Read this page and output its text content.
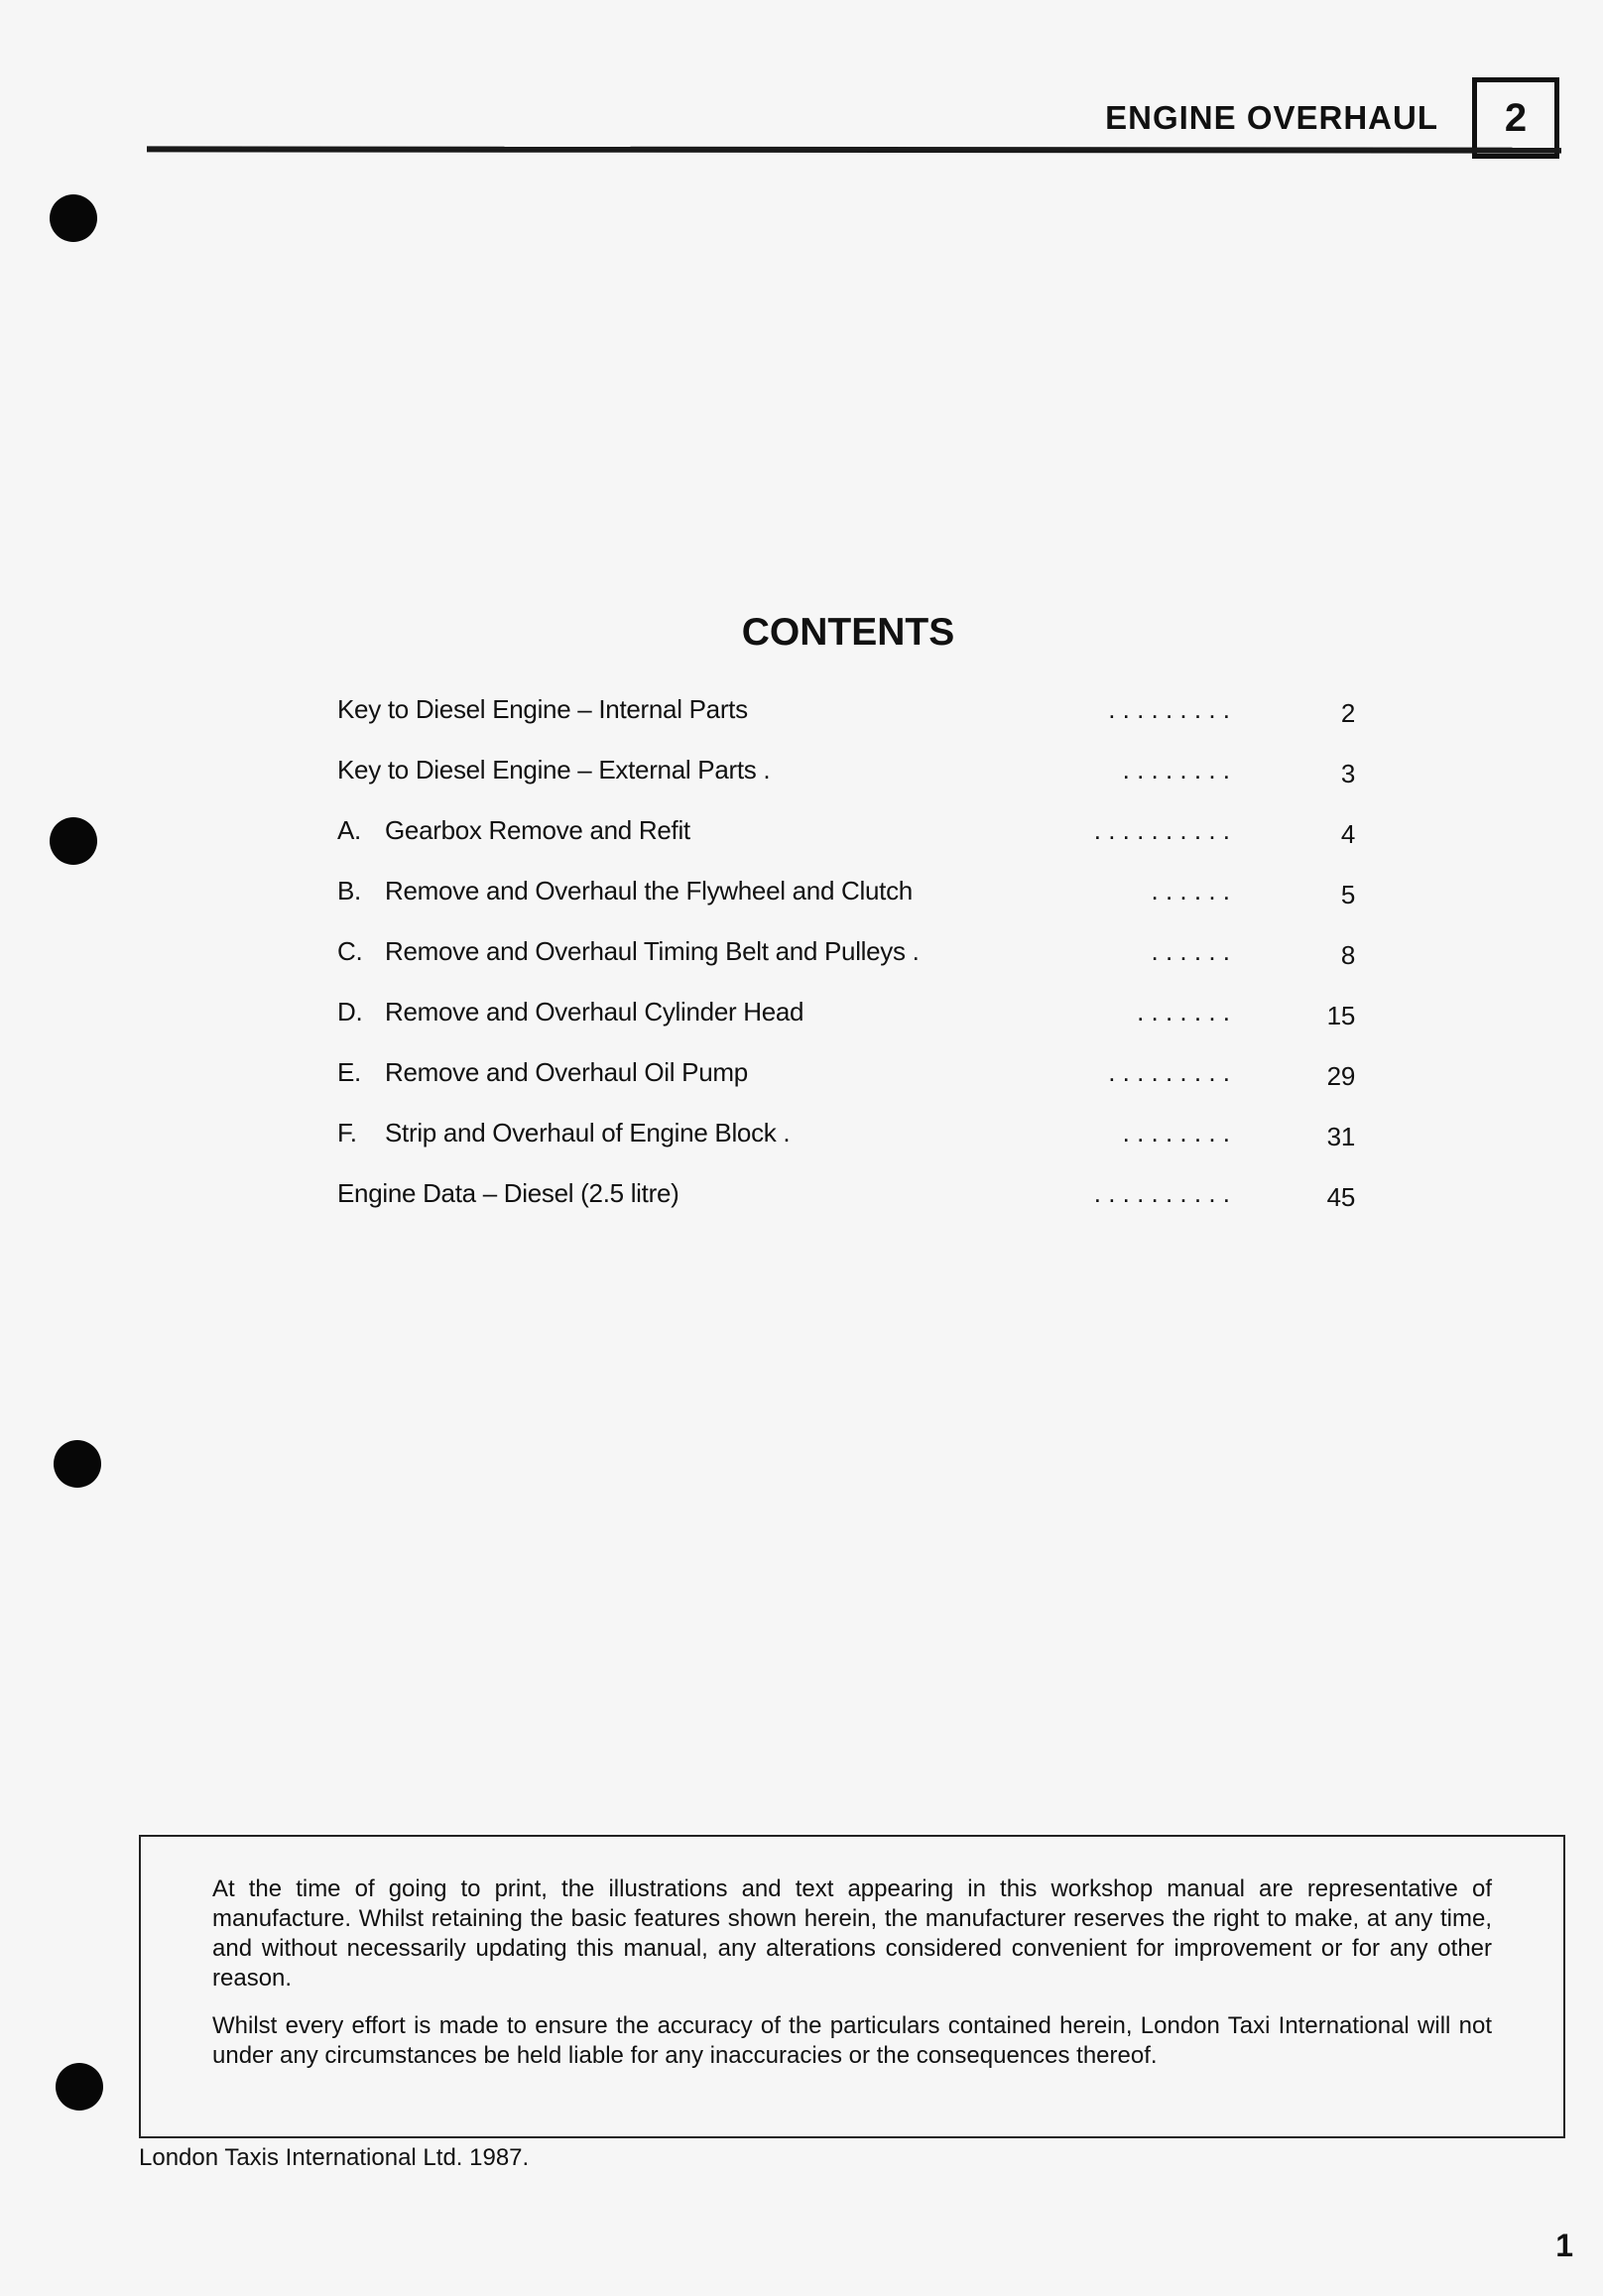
ENGINE OVERHAUL 2
CONTENTS
Key to Diesel Engine – Internal Parts	. . . . . . . . .	2
Key to Diesel Engine – External Parts .	. . . . . . . .	3
A. Gearbox Remove and Refit	. . . . . . . . . .	4
B. Remove and Overhaul the Flywheel and Clutch	. . . . . .	5
C. Remove and Overhaul Timing Belt and Pulleys .	. . . . . .	8
D. Remove and Overhaul Cylinder Head	. . . . . . .	15
E. Remove and Overhaul Oil Pump	. . . . . . . . .	29
F. Strip and Overhaul of Engine Block .	. . . . . . . .	31
Engine Data – Diesel (2.5 litre)	. . . . . . . . . .	45

At the time of going to print, the illustrations and text appearing in this workshop manual are representative of manufacture. Whilst retaining the basic features shown herein, the manufacturer reserves the right to make, at any time, and without necessarily updating this manual, any alterations considered convenient for improvement or for any other reason.

Whilst every effort is made to ensure the accuracy of the particulars contained herein, London Taxi International will not under any circumstances be held liable for any inaccuracies or the consequences thereof.

London Taxis International Ltd. 1987.
1
